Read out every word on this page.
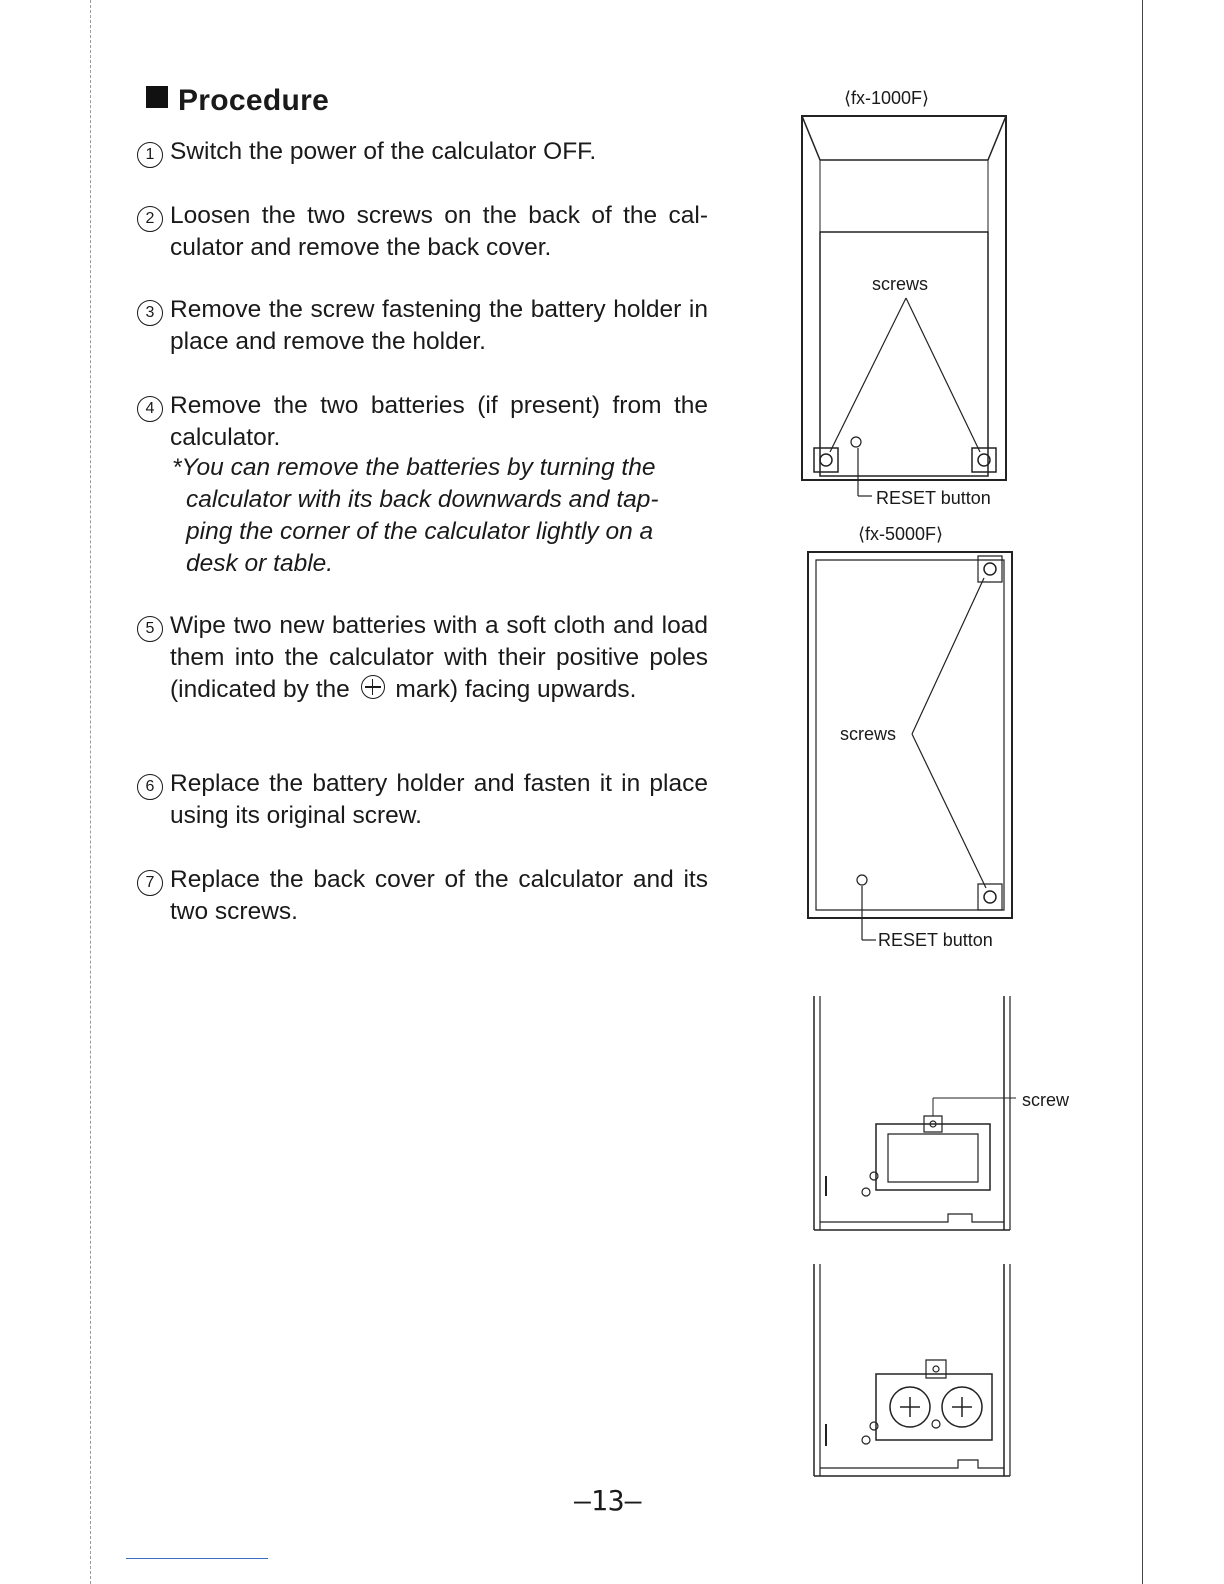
Procedure
1 Switch the power of the calculator OFF.
2 Loosen the two screws on the back of the cal- culator and remove the back cover.
3 Remove the screw fastening the battery holder in place and remove the holder.
4 Remove the two batteries (if present) from the calculator.
*You can remove the batteries by turning the calculator with its back downwards and tap- ping the corner of the calculator lightly on a desk or table.
5 Wipe two new batteries with a soft cloth and load them into the calculator with their positive poles (indicated by the mark) facing upwards.
6 Replace the battery holder and fasten it in place using its original screw.
7 Replace the back cover of the calculator and its two screws.
⟨fx-1000F⟩
screws
RESET button
⟨fx-5000F⟩
screws
RESET button
screw
–13–
